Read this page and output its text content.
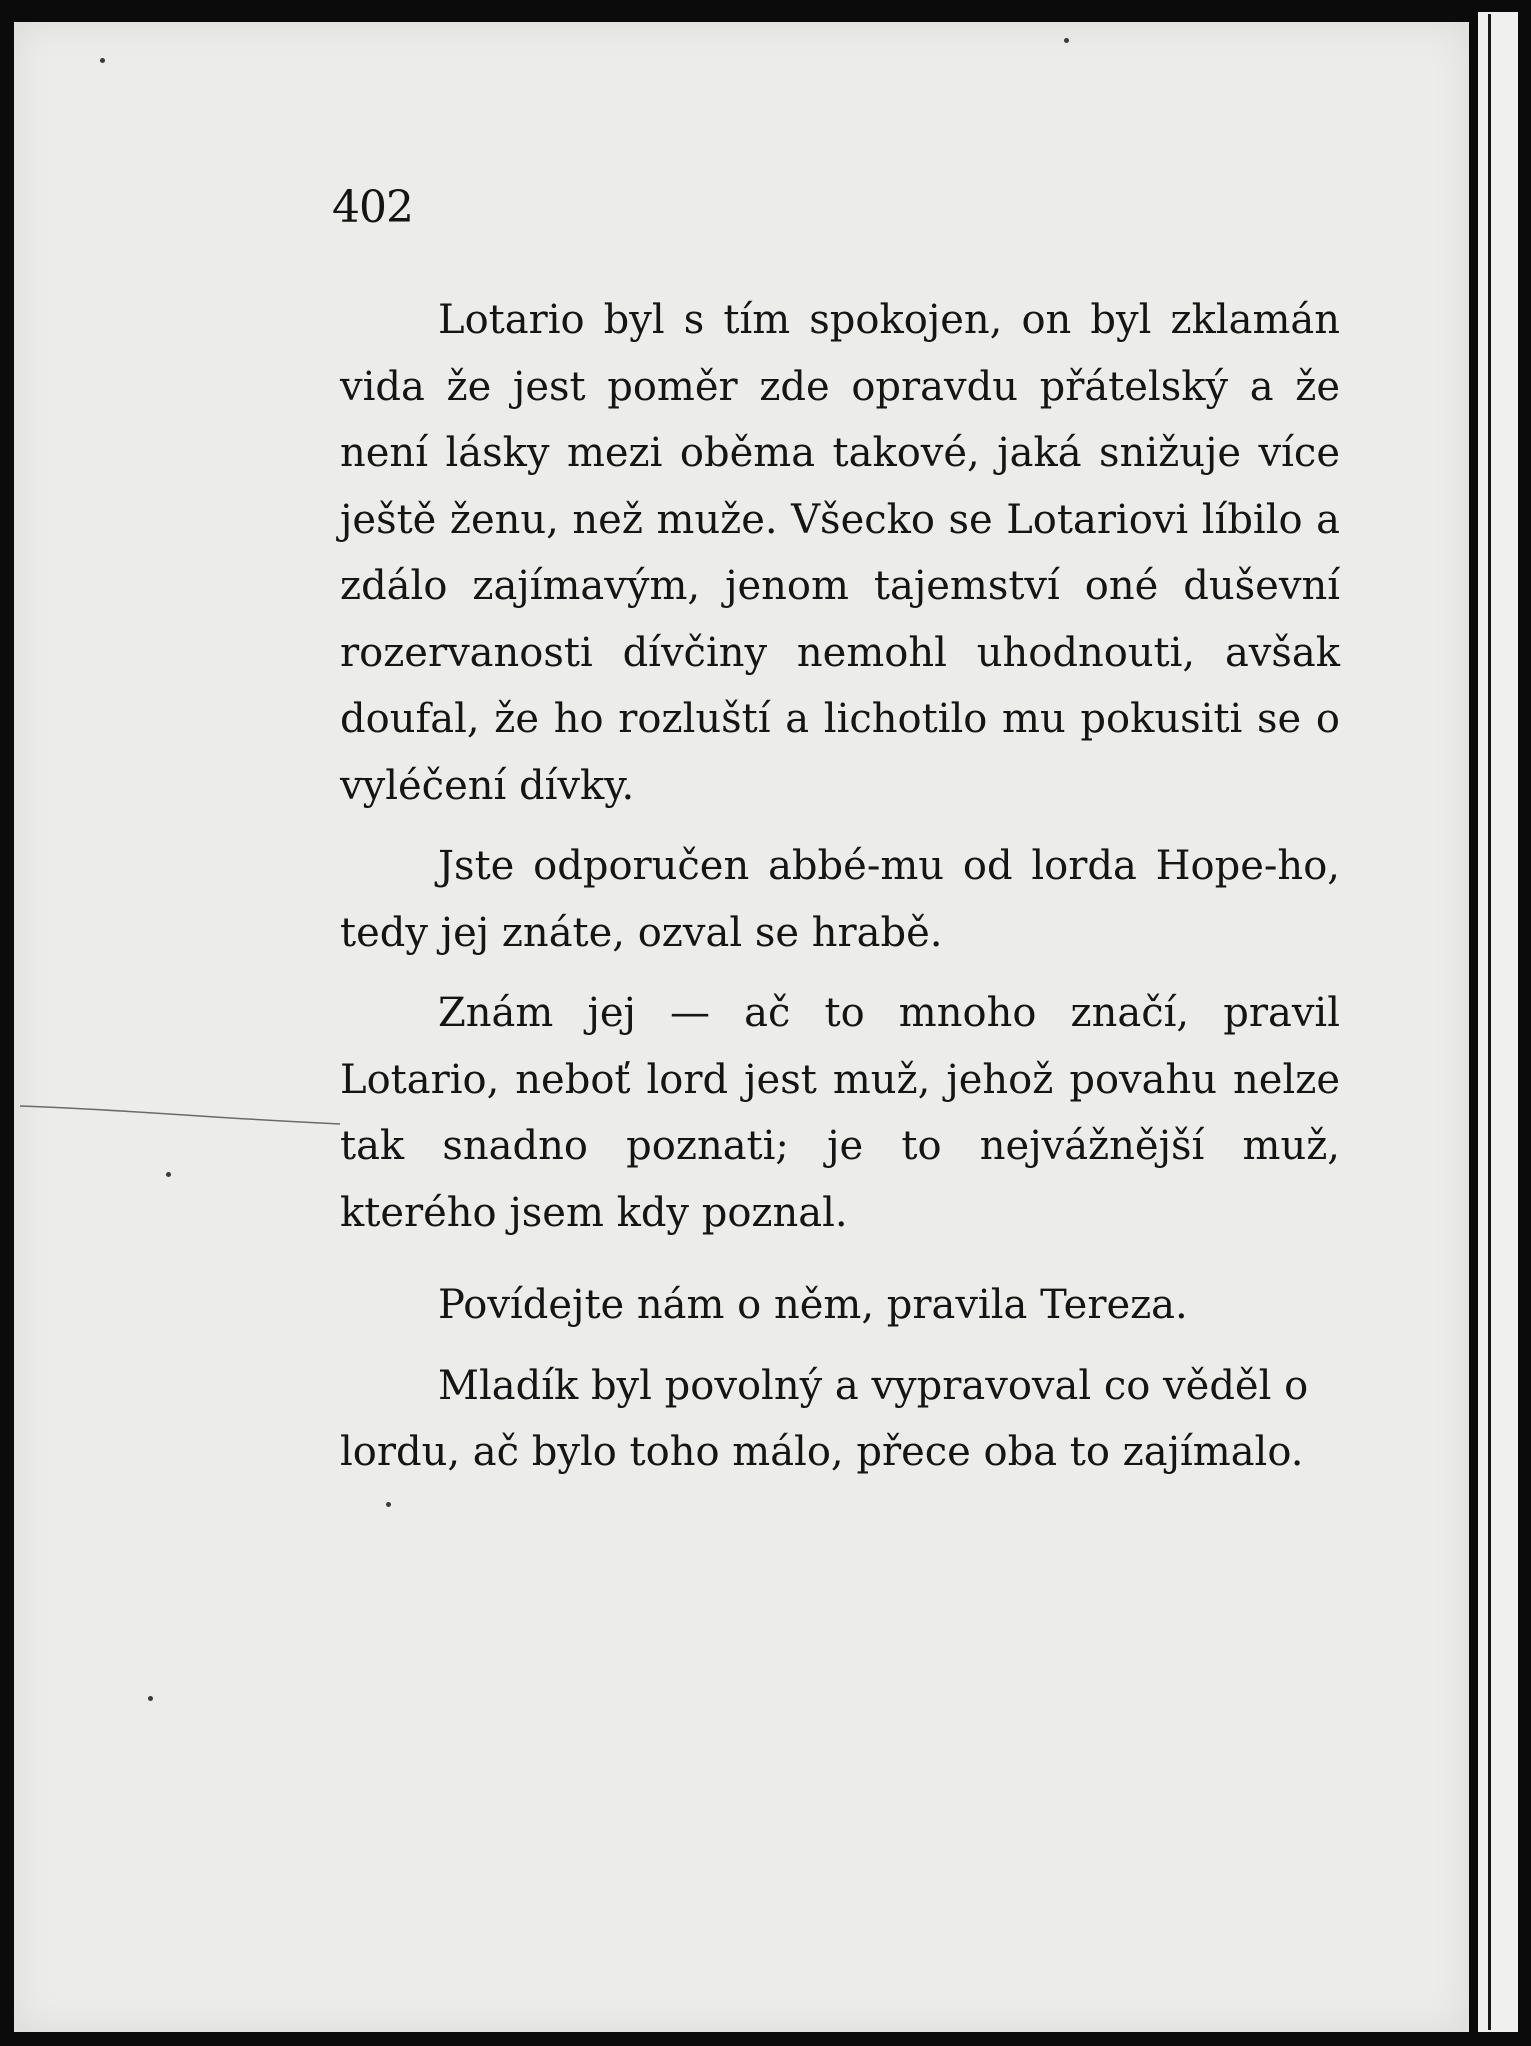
402

Lotario byl s tím spokojen, on byl zklamán vida že jest poměr zde opravdu přátelský a že není lásky mezi oběma takové, jaká snižuje více ještě ženu, než muže. Všecko se Lotariovi líbilo a zdálo zajímavým, jenom tajemství oné duševní rozervanosti dívčiny nemohl uhodnouti, avšak doufal, že ho rozluští a lichotilo mu pokusiti se o vyléčení dívky.

Jste odporučen abbé-mu od lorda Hope-ho, tedy jej znáte, ozval se hrabě.

Znám jej — ač to mnoho značí, pravil Lotario, neboť lord jest muž, jehož povahu nelze tak snadno poznati; je to nejvážnější muž, kterého jsem kdy poznal.

Povídejte nám o něm, pravila Tereza.

Mladík byl povolný a vypravoval co věděl o lordu, ač bylo toho málo, přece oba to zajímalo.
